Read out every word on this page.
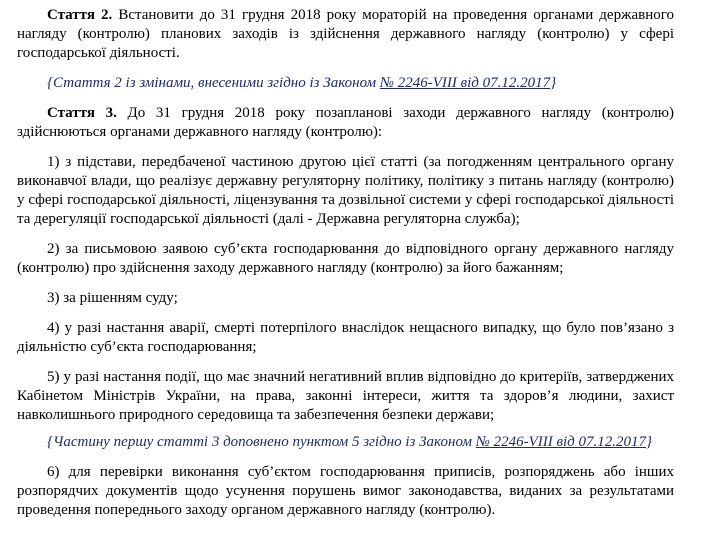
Стаття 2. Встановити до 31 грудня 2018 року мораторій на проведення органами державного нагляду (контролю) планових заходів із здійснення державного нагляду (контролю) у сфері господарської діяльності.

{Стаття 2 із змінами, внесеними згідно із Законом № 2246-VIII від 07.12.2017}

Стаття 3. До 31 грудня 2018 року позапланові заходи державного нагляду (контролю) здійснюються органами державного нагляду (контролю):

1) з підстави, передбаченої частиною другою цієї статті (за погодженням центрального органу виконавчої влади, що реалізує державну регуляторну політику, політику з питань нагляду (контролю) у сфері господарської діяльності, ліцензування та дозвільної системи у сфері господарської діяльності та дерегуляції господарської діяльності (далі - Державна регуляторна служба);

2) за письмовою заявою суб’єкта господарювання до відповідного органу державного нагляду (контролю) про здійснення заходу державного нагляду (контролю) за його бажанням;

3) за рішенням суду;

4) у разі настання аварії, смерті потерпілого внаслідок нещасного випадку, що було пов’язано з діяльністю суб’єкта господарювання;

5) у разі настання події, що має значний негативний вплив відповідно до критеріїв, затверджених Кабінетом Міністрів України, на права, законні інтереси, життя та здоров’я людини, захист навколишнього природного середовища та забезпечення безпеки держави;

{Частину першу статті 3 доповнено пунктом 5 згідно із Законом № 2246-VIII від 07.12.2017}

6) для перевірки виконання суб’єктом господарювання приписів, розпоряджень або інших розпорядчих документів щодо усунення порушень вимог законодавства, виданих за результатами проведення попереднього заходу органом державного нагляду (контролю).
